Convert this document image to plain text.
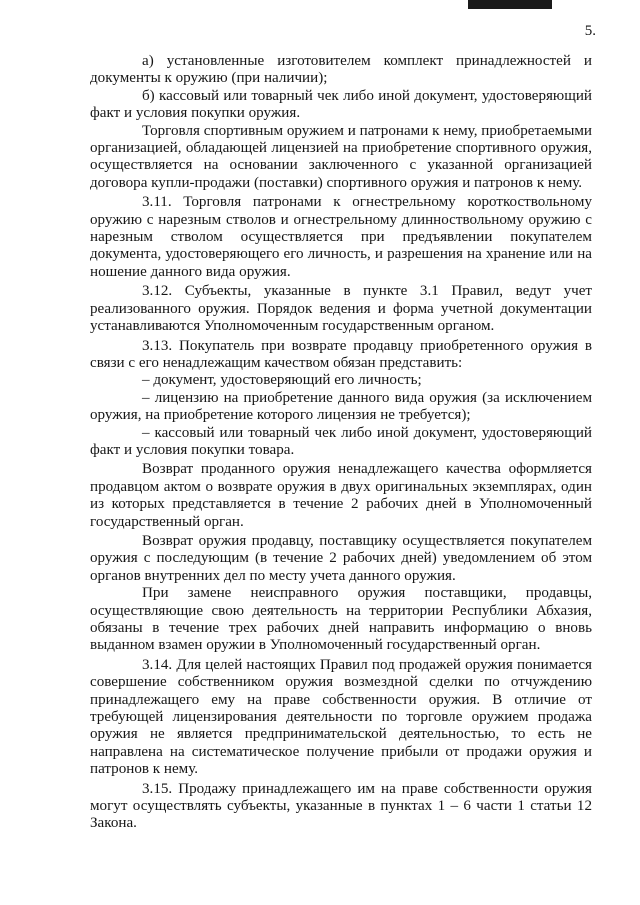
5.

а) установленные изготовителем комплект принадлежностей и документы к оружию (при наличии);

б) кассовый или товарный чек либо иной документ, удостоверяющий факт и условия покупки оружия.

Торговля спортивным оружием и патронами к нему, приобретаемыми организацией, обладающей лицензией на приобретение спортивного оружия, осуществляется на основании заключенного с указанной организацией договора купли-продажи (поставки) спортивного оружия и патронов к нему.

3.11. Торговля патронами к огнестрельному короткоствольному оружию с нарезным стволов и огнестрельному длинноствольному оружию с нарезным стволом осуществляется при предъявлении покупателем документа, удостоверяющего его личность, и разрешения на хранение или на ношение данного вида оружия.

3.12. Субъекты, указанные в пункте 3.1 Правил, ведут учет реализованного оружия. Порядок ведения и форма учетной документации устанавливаются Уполномоченным государственным органом.

3.13. Покупатель при возврате продавцу приобретенного оружия в связи с его ненадлежащим качеством обязан представить:

– документ, удостоверяющий его личность;

– лицензию на приобретение данного вида оружия (за исключением оружия, на приобретение которого лицензия не требуется);

– кассовый или товарный чек либо иной документ, удостоверяющий факт и условия покупки товара.

Возврат проданного оружия ненадлежащего качества оформляется продавцом актом о возврате оружия в двух оригинальных экземплярах, один из которых представляется в течение 2 рабочих дней в Уполномоченный государственный орган.

Возврат оружия продавцу, поставщику осуществляется покупателем оружия с последующим (в течение 2 рабочих дней) уведомлением об этом органов внутренних дел по месту учета данного оружия.

При замене неисправного оружия поставщики, продавцы, осуществляющие свою деятельность на территории Республики Абхазия, обязаны в течение трех рабочих дней направить информацию о вновь выданном взамен оружии в Уполномоченный государственный орган.

3.14. Для целей настоящих Правил под продажей оружия понимается совершение собственником оружия возмездной сделки по отчуждению принадлежащего ему на праве собственности оружия. В отличие от требующей лицензирования деятельности по торговле оружием продажа оружия не является предпринимательской деятельностью, то есть не направлена на систематическое получение прибыли от продажи оружия и патронов к нему.

3.15. Продажу принадлежащего им на праве собственности оружия могут осуществлять субъекты, указанные в пунктах 1 – 6 части 1 статьи 12 Закона.
